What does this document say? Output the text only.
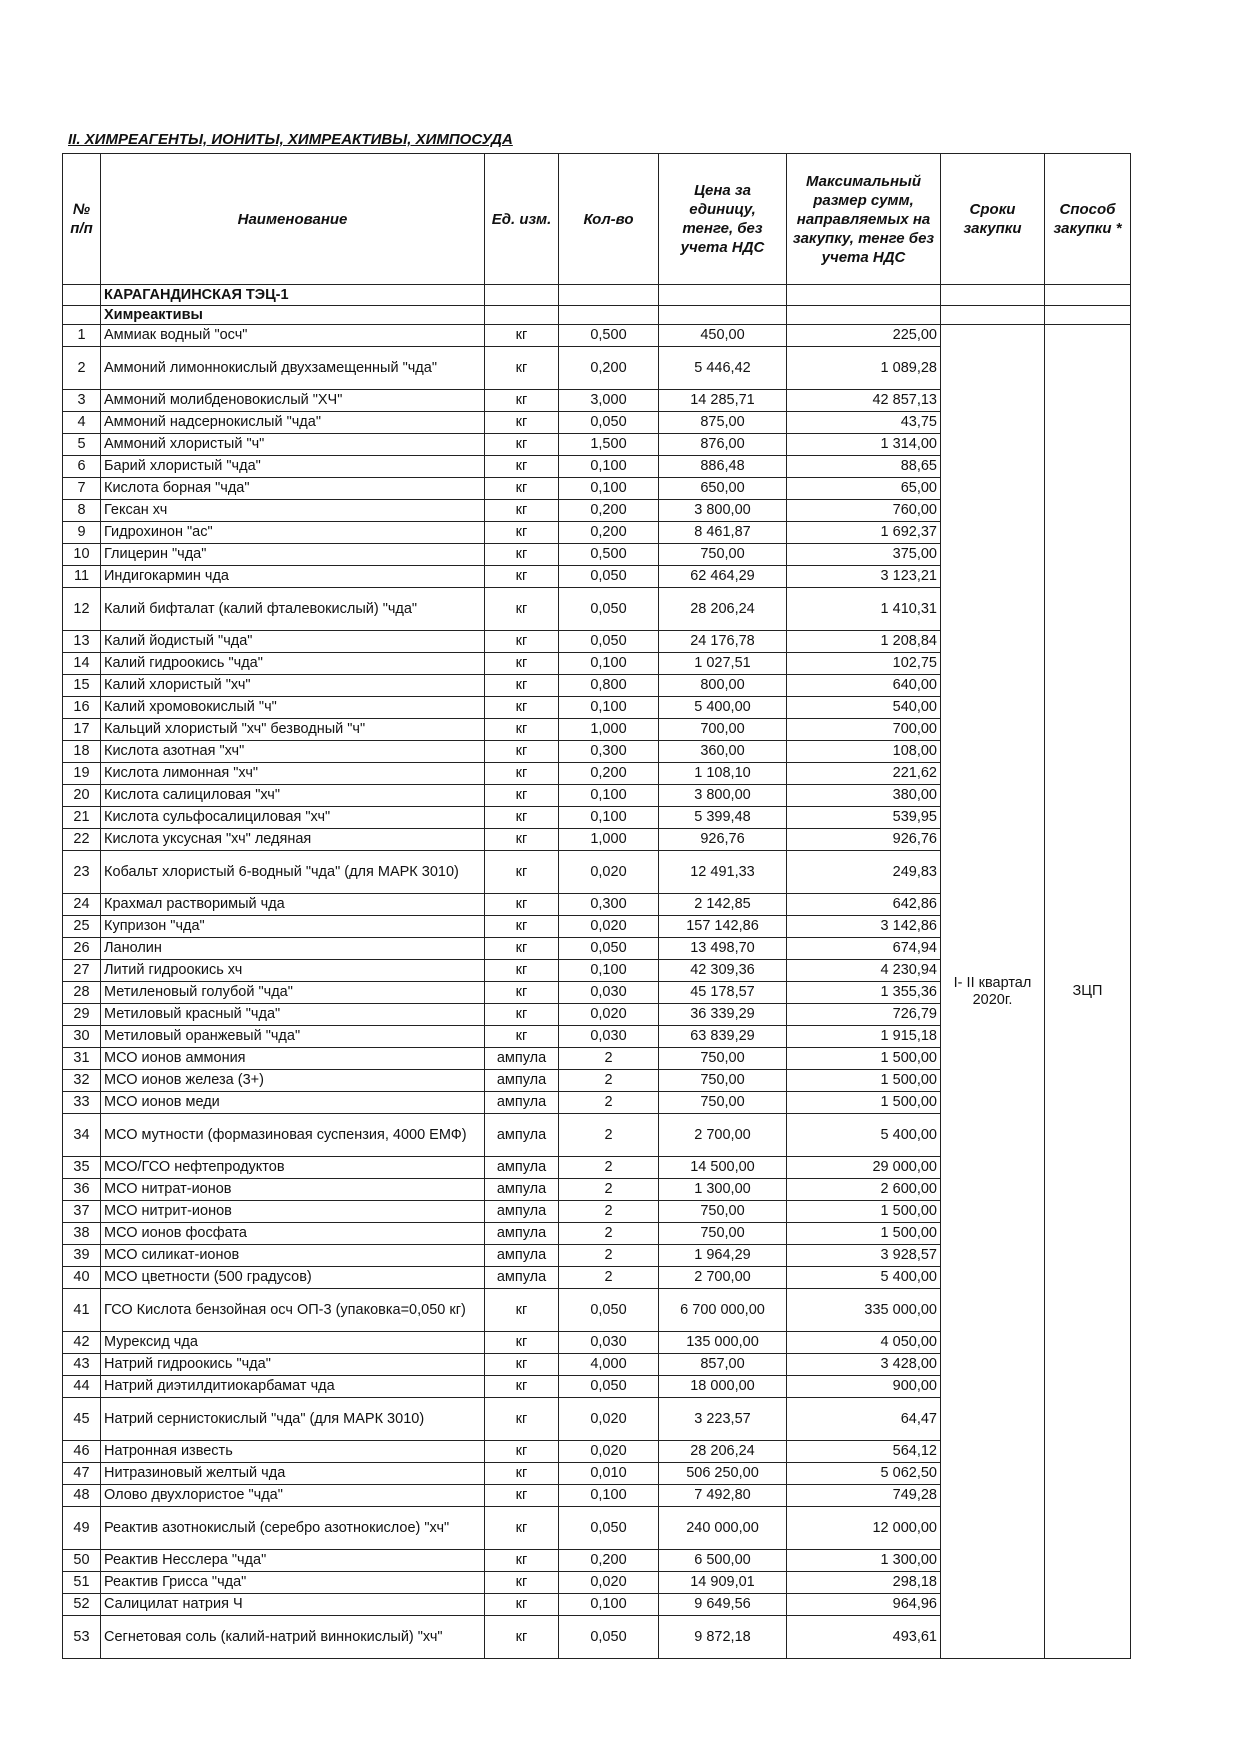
II. ХИМРЕАГЕНТЫ, ИОНИТЫ, ХИМРЕАКТИВЫ, ХИМПОСУДА
№ п/п	Наименование	Ед. изм.	Кол-во	Цена за единицу, тенге, без учета НДС	Максимальный размер сумм, направляемых на закупку, тенге без учета НДС	Сроки закупки	Способ закупки *
	КАРАГАНДИНСКАЯ ТЭЦ-1						
	Химреактивы						
1	Аммиак водный "осч"	кг	0,500	450,00	225,00	I- II квартал 2020г.	ЗЦП
2	Аммоний лимоннокислый двухзамещенный "чда"	кг	0,200	5 446,42	1 089,28		
3	Аммоний молибденовокислый "ХЧ"	кг	3,000	14 285,71	42 857,13		
4	Аммоний надсернокислый "чда"	кг	0,050	875,00	43,75		
5	Аммоний хлористый "ч"	кг	1,500	876,00	1 314,00		
6	Барий хлористый "чда"	кг	0,100	886,48	88,65		
7	Кислота борная "чда"	кг	0,100	650,00	65,00		
8	Гексан хч	кг	0,200	3 800,00	760,00		
9	Гидрохинон "ас"	кг	0,200	8 461,87	1 692,37		
10	Глицерин "чда"	кг	0,500	750,00	375,00		
11	Индигокармин чда	кг	0,050	62 464,29	3 123,21		
12	Калий бифталат (калий фталевокислый) "чда"	кг	0,050	28 206,24	1 410,31		
13	Калий йодистый "чда"	кг	0,050	24 176,78	1 208,84		
14	Калий гидроокись "чда"	кг	0,100	1 027,51	102,75		
15	Калий хлористый "хч"	кг	0,800	800,00	640,00		
16	Калий хромовокислый "ч"	кг	0,100	5 400,00	540,00		
17	Кальций хлористый "хч" безводный "ч"	кг	1,000	700,00	700,00		
18	Кислота азотная "хч"	кг	0,300	360,00	108,00		
19	Кислота лимонная "хч"	кг	0,200	1 108,10	221,62		
20	Кислота салициловая "хч"	кг	0,100	3 800,00	380,00		
21	Кислота сульфосалициловая "хч"	кг	0,100	5 399,48	539,95		
22	Кислота уксусная "хч" ледяная	кг	1,000	926,76	926,76		
23	Кобальт хлористый 6-водный "чда" (для МАРК 3010)	кг	0,020	12 491,33	249,83		
24	Крахмал растворимый чда	кг	0,300	2 142,85	642,86		
25	Купризон "чда"	кг	0,020	157 142,86	3 142,86		
26	Ланолин	кг	0,050	13 498,70	674,94		
27	Литий гидроокись хч	кг	0,100	42 309,36	4 230,94		
28	Метиленовый голубой "чда"	кг	0,030	45 178,57	1 355,36		
29	Метиловый красный "чда"	кг	0,020	36 339,29	726,79		
30	Метиловый оранжевый "чда"	кг	0,030	63 839,29	1 915,18		
31	МСО ионов аммония	ампула	2	750,00	1 500,00		
32	МСО ионов железа (3+)	ампула	2	750,00	1 500,00		
33	МСО ионов меди	ампула	2	750,00	1 500,00		
34	МСО мутности (формазиновая суспензия, 4000 ЕМФ)	ампула	2	2 700,00	5 400,00		
35	МСО/ГСО нефтепродуктов	ампула	2	14 500,00	29 000,00		
36	МСО нитрат-ионов	ампула	2	1 300,00	2 600,00		
37	МСО нитрит-ионов	ампула	2	750,00	1 500,00		
38	МСО ионов фосфата	ампула	2	750,00	1 500,00		
39	МСО силикат-ионов	ампула	2	1 964,29	3 928,57		
40	МСО цветности (500 градусов)	ампула	2	2 700,00	5 400,00		
41	ГСО Кислота бензойная осч ОП-3 (упаковка=0,050 кг)	кг	0,050	6 700 000,00	335 000,00		
42	Мурексид чда	кг	0,030	135 000,00	4 050,00		
43	Натрий гидроокись "чда"	кг	4,000	857,00	3 428,00		
44	Натрий диэтилдитиокарбамат чда	кг	0,050	18 000,00	900,00		
45	Натрий сернистокислый "чда" (для МАРК 3010)	кг	0,020	3 223,57	64,47		
46	Натронная известь	кг	0,020	28 206,24	564,12		
47	Нитразиновый желтый чда	кг	0,010	506 250,00	5 062,50		
48	Олово двухлористое "чда"	кг	0,100	7 492,80	749,28		
49	Реактив азотнокислый (серебро азотнокислое) "хч"	кг	0,050	240 000,00	12 000,00		
50	Реактив Несслера "чда"	кг	0,200	6 500,00	1 300,00		
51	Реактив Грисса "чда"	кг	0,020	14 909,01	298,18		
52	Салицилат натрия Ч	кг	0,100	9 649,56	964,96		
53	Сегнетовая соль (калий-натрий виннокислый) "хч"	кг	0,050	9 872,18	493,61		
